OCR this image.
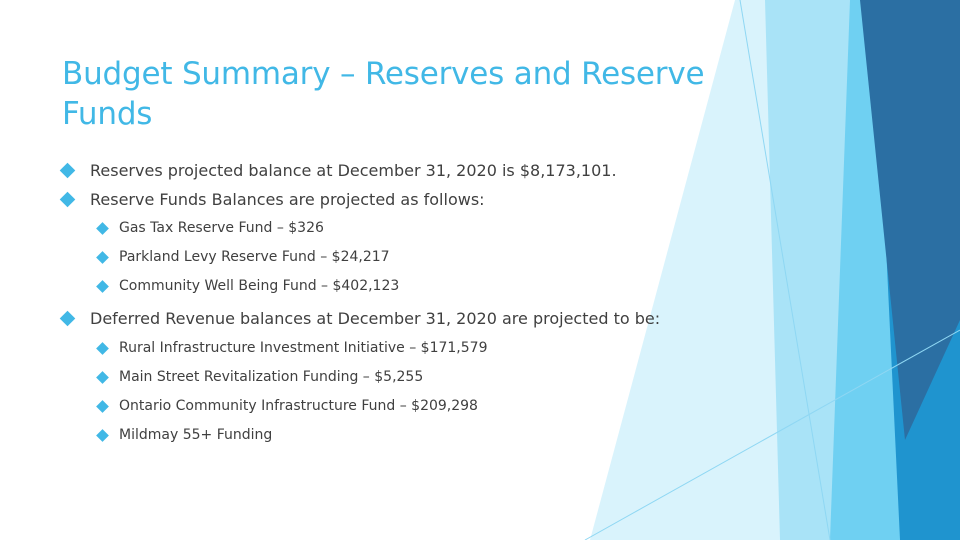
Budget Summary – Reserves and Reserve Funds
Reserves projected balance at December 31, 2020 is $8,173,101.
Reserve Funds Balances are projected as follows:
Gas Tax Reserve Fund – $326
Parkland Levy Reserve Fund – $24,217
Community Well Being Fund – $402,123
Deferred Revenue balances at December 31, 2020 are projected to be:
Rural Infrastructure Investment Initiative – $171,579
Main Street Revitalization Funding – $5,255
Ontario Community Infrastructure Fund – $209,298
Mildmay 55+ Funding
